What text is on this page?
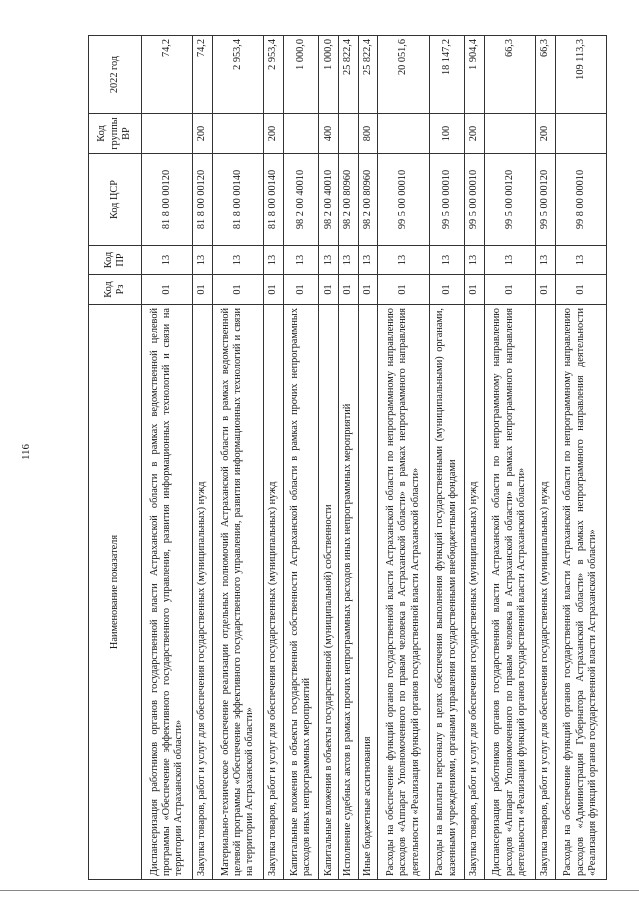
116
Наименование показателя	Код Рз	Код ПР	Код ЦСР	Код группы ВР	2022 год
Диспансеризация работников органов государственной власти Астраханской области в рамках ведомственной целевой программы «Обеспечение эффективного государственного управления, развития информационных технологий и связи на территории Астраханской области»	01	13	81 8 00 00120		74,2
Закупка товаров, работ и услуг для обеспечения государственных (муниципальных) нужд	01	13	81 8 00 00120	200	74,2
Материально-техническое обеспечение реализации отдельных полномочий Астраханской области в рамках ведомственной целевой программы «Обеспечение эффективного государственного управления, развития информационных технологий и связи на территории Астраханской области»	01	13	81 8 00 00140		2 953,4
Закупка товаров, работ и услуг для обеспечения государственных (муниципальных) нужд	01	13	81 8 00 00140	200	2 953,4
Капитальные вложения в объекты государственной собственности Астраханской области в рамках прочих непрограммных расходов иных непрограммных мероприятий	01	13	98 2 00 40010		1 000,0
Капитальные вложения в объекты государственной (муниципальной) собственности	01	13	98 2 00 40010	400	1 000,0
Исполнение судебных актов в рамках прочих непрограммных расходов иных непрограммных мероприятий	01	13	98 2 00 80960		25 822,4
Иные бюджетные ассигнования	01	13	98 2 00 80960	800	25 822,4
Расходы на обеспечение функций органов государственной власти Астраханской области по непрограммному направлению расходов «Аппарат Уполномоченного по правам человека в Астраханской области» в рамках непрограммного направления деятельности «Реализация функций органов государственной власти Астраханской области»	01	13	99 5 00 00010		20 051,6
Расходы на выплаты персоналу в целях обеспечения выполнения функций государственными (муниципальными) органами, казенными учреждениями, органами управления государственными внебюджетными фондами	01	13	99 5 00 00010	100	18 147,2
Закупка товаров, работ и услуг для обеспечения государственных (муниципальных) нужд	01	13	99 5 00 00010	200	1 904,4
Диспансеризация работников органов государственной власти Астраханской области по непрограммному направлению расходов «Аппарат Уполномоченного по правам человека в Астраханской области» в рамках непрограммного направления деятельности «Реализация функций органов государственной власти Астраханской области»	01	13	99 5 00 00120		66,3
Закупка товаров, работ и услуг для обеспечения государственных (муниципальных) нужд	01	13	99 5 00 00120	200	66,3
Расходы на обеспечение функций органов государственной власти Астраханской области по непрограммному направлению расходов «Администрация Губернатора Астраханской области» в рамках непрограммного направления деятельности «Реализация функций органов государственной власти Астраханской области»	01	13	99 8 00 00010		109 113,3
